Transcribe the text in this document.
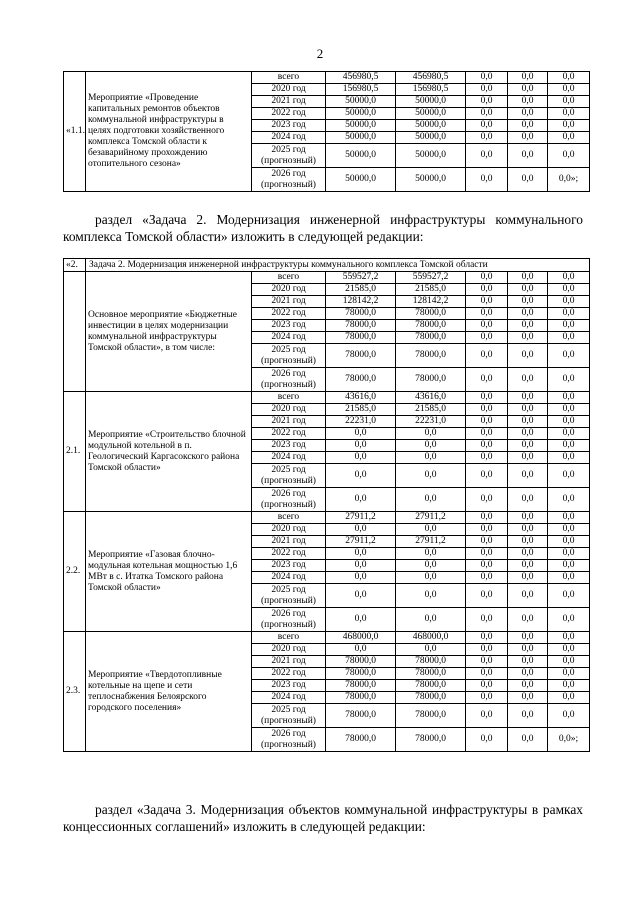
2
«1.1.	Мероприятие «Проведение капитальных ремонтов объектов коммунальной инфраструктуры в целях подготовки хозяйственного комплекса Томской области к безаварийному прохождению отопительного сезона»	всего	456980,5	456980,5	0,0	0,0	0,0
		2020 год	156980,5	156980,5	0,0	0,0	0,0
		2021 год	50000,0	50000,0	0,0	0,0	0,0
		2022 год	50000,0	50000,0	0,0	0,0	0,0
		2023 год	50000,0	50000,0	0,0	0,0	0,0
		2024 год	50000,0	50000,0	0,0	0,0	0,0
		2025 год (прогнозный)	50000,0	50000,0	0,0	0,0	0,0
		2026 год (прогнозный)	50000,0	50000,0	0,0	0,0	0,0»;
раздел «Задача 2. Модернизация инженерной инфраструктуры коммунального комплекса Томской области» изложить в следующей редакции:
«2.	Задача 2. Модернизация инженерной инфраструктуры коммунального комплекса Томской области						
	Основное мероприятие «Бюджетные инвестиции в целях модернизации коммунальной инфраструктуры Томской области», в том числе:	всего	559527,2	559527,2	0,0	0,0	0,0
		2020 год	21585,0	21585,0	0,0	0,0	0,0
		2021 год	128142,2	128142,2	0,0	0,0	0,0
		2022 год	78000,0	78000,0	0,0	0,0	0,0
		2023 год	78000,0	78000,0	0,0	0,0	0,0
		2024 год	78000,0	78000,0	0,0	0,0	0,0
		2025 год (прогнозный)	78000,0	78000,0	0,0	0,0	0,0
		2026 год (прогнозный)	78000,0	78000,0	0,0	0,0	0,0
2.1.	Мероприятие «Строительство блочной модульной котельной в п. Геологический Каргасокского района Томской области»	всего	43616,0	43616,0	0,0	0,0	0,0
		2020 год	21585,0	21585,0	0,0	0,0	0,0
		2021 год	22231,0	22231,0	0,0	0,0	0,0
		2022 год	0,0	0,0	0,0	0,0	0,0
		2023 год	0,0	0,0	0,0	0,0	0,0
		2024 год	0,0	0,0	0,0	0,0	0,0
		2025 год (прогнозный)	0,0	0,0	0,0	0,0	0,0
		2026 год (прогнозный)	0,0	0,0	0,0	0,0	0,0
2.2.	Мероприятие «Газовая блочно-модульная котельная мощностью 1,6 МВт в с. Итатка Томского района Томской области»	всего	27911,2	27911,2	0,0	0,0	0,0
		2020 год	0,0	0,0	0,0	0,0	0,0
		2021 год	27911,2	27911,2	0,0	0,0	0,0
		2022 год	0,0	0,0	0,0	0,0	0,0
		2023 год	0,0	0,0	0,0	0,0	0,0
		2024 год	0,0	0,0	0,0	0,0	0,0
		2025 год (прогнозный)	0,0	0,0	0,0	0,0	0,0
		2026 год (прогнозный)	0,0	0,0	0,0	0,0	0,0
2.3.	Мероприятие «Твердотопливные котельные на щепе и сети теплоснабжения Белоярского городского поселения»	всего	468000,0	468000,0	0,0	0,0	0,0
		2020 год	0,0	0,0	0,0	0,0	0,0
		2021 год	78000,0	78000,0	0,0	0,0	0,0
		2022 год	78000,0	78000,0	0,0	0,0	0,0
		2023 год	78000,0	78000,0	0,0	0,0	0,0
		2024 год	78000,0	78000,0	0,0	0,0	0,0
		2025 год (прогнозный)	78000,0	78000,0	0,0	0,0	0,0
		2026 год (прогнозный)	78000,0	78000,0	0,0	0,0	0,0»;
раздел «Задача 3. Модернизация объектов коммунальной инфраструктуры в рамках концессионных соглашений» изложить в следующей редакции:
